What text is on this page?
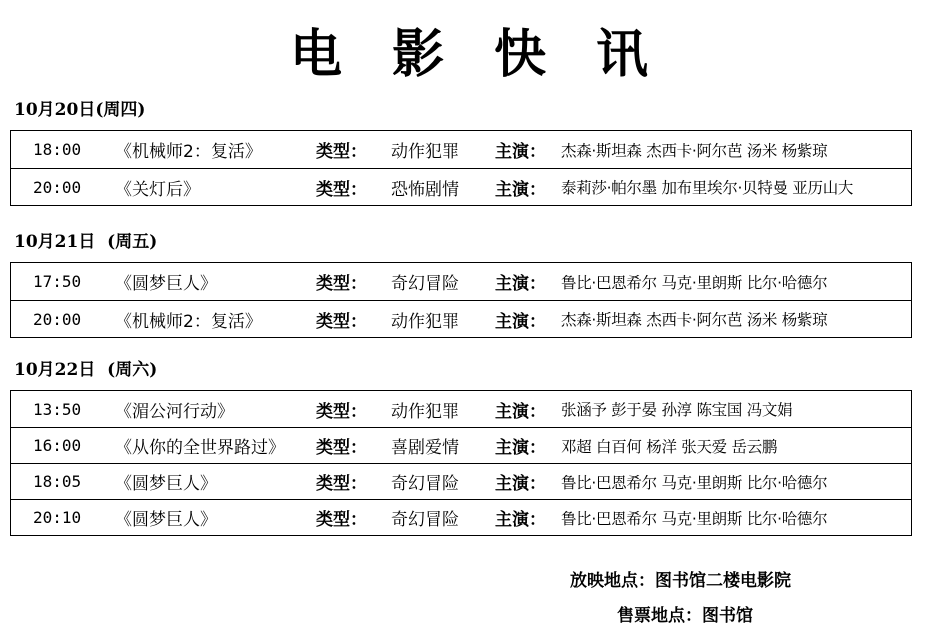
电 影 快 讯
10月20日(周四)
18:00 《机械师2：复活》	类型： 动作犯罪 主演： 杰森·斯坦森 杰西卡·阿尔芭 汤米 杨紫琼
20:00 《关灯后》	类型： 恐怖剧情 主演： 泰莉莎·帕尔墨 加布里埃尔·贝特曼 亚历山大
10月21日  (周五)
17:50 《圆梦巨人》	类型： 奇幻冒险 主演： 鲁比·巴恩希尔 马克·里朗斯 比尔·哈德尔
20:00 《机械师2：复活》	类型： 动作犯罪 主演： 杰森·斯坦森 杰西卡·阿尔芭 汤米 杨紫琼
10月22日  (周六)
13:50 《湄公河行动》	类型： 动作犯罪 主演： 张涵予 彭于晏 孙淳 陈宝国 冯文娟
16:00 《从你的全世界路过》 类型： 喜剧爱情 主演： 邓超 白百何 杨洋 张天爱 岳云鹏
18:05 《圆梦巨人》	类型： 奇幻冒险 主演： 鲁比·巴恩希尔 马克·里朗斯 比尔·哈德尔
20:10 《圆梦巨人》	类型： 奇幻冒险 主演： 鲁比·巴恩希尔 马克·里朗斯 比尔·哈德尔
放映地点：图书馆二楼电影院
售票地点：图书馆
